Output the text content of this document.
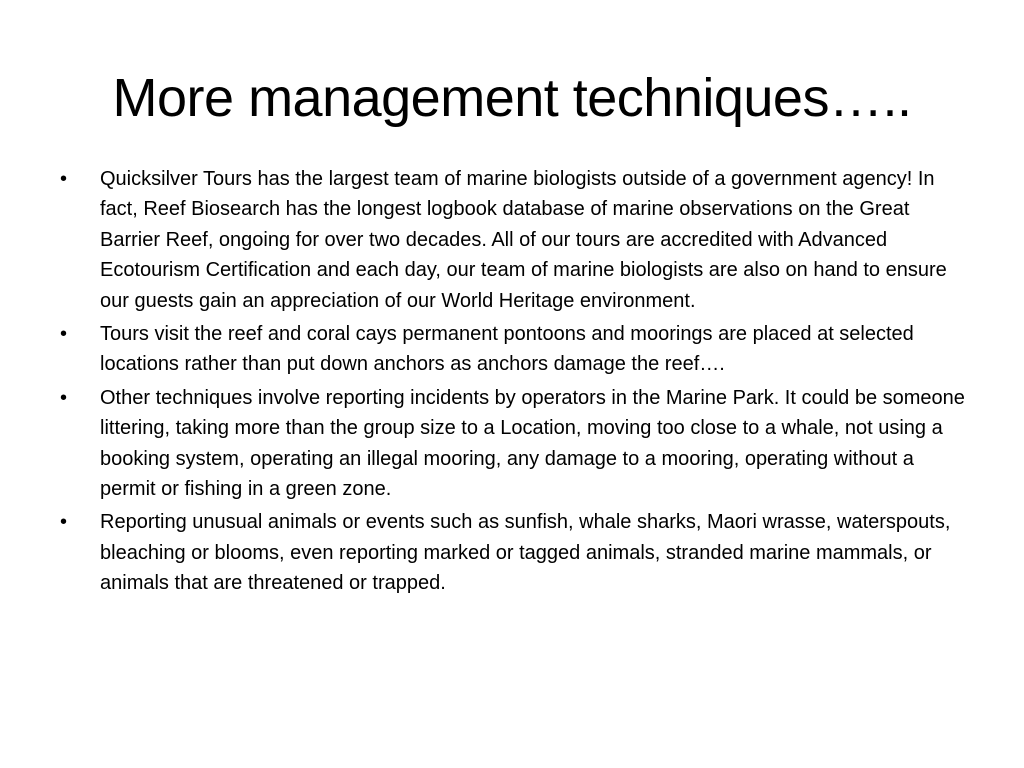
More management techniques…..
• Quicksilver Tours has the largest team of marine biologists outside of a government agency! In fact, Reef Biosearch has the longest logbook database of marine observations on the Great Barrier Reef, ongoing for over two decades. All of our tours are accredited with Advanced Ecotourism Certification and each day, our team of marine biologists are also on hand to ensure our guests gain an appreciation of our World Heritage environment.
• Tours visit the reef and coral cays permanent pontoons and moorings are placed at selected locations rather than put down anchors as anchors damage the reef….
• Other techniques involve reporting incidents by operators in the Marine Park. It could be someone littering, taking more than the group size to a Location, moving too close to a whale, not using a booking system, operating an illegal mooring, any damage to a mooring, operating without a permit or fishing in a green zone.
• Reporting unusual animals or events such as sunfish, whale sharks, Maori wrasse, waterspouts, bleaching or blooms, even reporting marked or tagged animals, stranded marine mammals, or animals that are threatened or trapped.
